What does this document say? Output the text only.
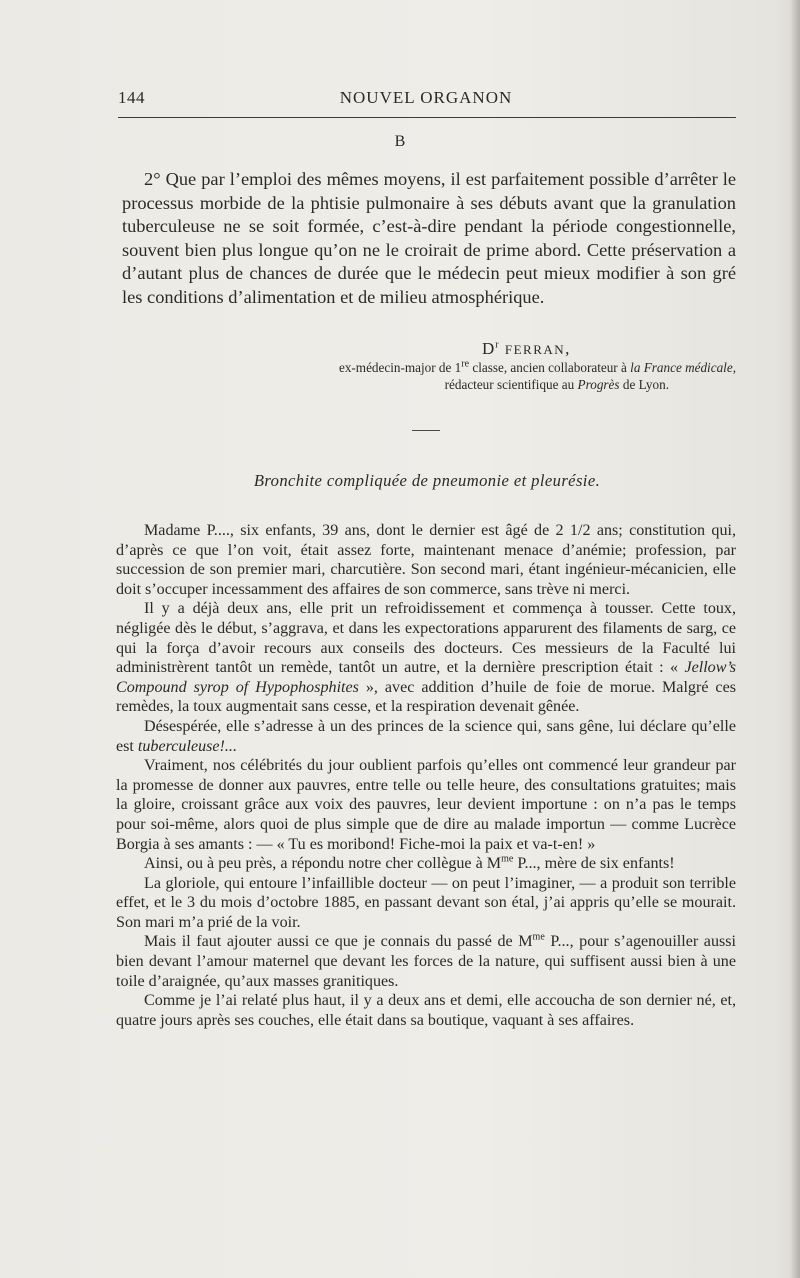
144	NOUVEL ORGANON
B

2° Que par l’emploi des mêmes moyens, il est parfaitement possible d’arrêter le processus morbide de la phtisie pulmonaire à ses débuts avant que la granulation tuberculeuse ne se soit formée, c’est-à-dire pendant la période congestionnelle, souvent bien plus longue qu’on ne le croirait de prime abord. Cette préservation a d’autant plus de chances de durée que le médecin peut mieux modifier à son gré les conditions d’alimentation et de milieu atmosphérique.

$D^r$ FERRAN,
ex-médecin-major de 1re classe, ancien collaborateur à la France médicale,
rédacteur scientifique au Progrès de Lyon.
Bronchite compliquée de pneumonie et pleurésie.

Madame P...., six enfants, 39 ans, dont le dernier est âgé de 2 1/2 ans; constitution qui, d’après ce que l’on voit, était assez forte, maintenant menace d’anémie; profession, par succession de son premier mari, charcutière. Son second mari, étant ingénieur-mécanicien, elle doit s’occuper incessamment des affaires de son commerce, sans trève ni merci.

Il y a déjà deux ans, elle prit un refroidissement et commença à tousser. Cette toux, négligée dès le début, s’aggrava, et dans les expectorations apparurent des filaments de sarg, ce qui la força d’avoir recours aux conseils des docteurs. Ces messieurs de la Faculté lui administrèrent tantôt un remède, tantôt un autre, et la dernière prescription était : « Jellow’s Compound syrop of Hypophosphites », avec addition d’huile de foie de morue. Malgré ces remèdes, la toux augmentait sans cesse, et la respiration devenait gênée.

Désespérée, elle s’adresse à un des princes de la science qui, sans gêne, lui déclare qu’elle est tuberculeuse!...

Vraiment, nos célébrités du jour oublient parfois qu’elles ont commencé leur grandeur par la promesse de donner aux pauvres, entre telle ou telle heure, des consultations gratuites; mais la gloire, croissant grâce aux voix des pauvres, leur devient importune : on n’a pas le temps pour soi-même, alors quoi de plus simple que de dire au malade importun — comme Lucrèce Borgia à ses amants : — « Tu es moribond! Fiche-moi la paix et va-t-en! »

Ainsi, ou à peu près, a répondu notre cher collègue à $M^{me}$ P..., mère de six enfants!

La gloriole, qui entoure l’infaillible docteur — on peut l’imaginer, — a produit son terrible effet, et le 3 du mois d’octobre 1885, en passant devant son étal, j’ai appris qu’elle se mourait. Son mari m’a prié de la voir.

Mais il faut ajouter aussi ce que je connais du passé de $M^{me}$ P..., pour s’agenouiller aussi bien devant l’amour maternel que devant les forces de la nature, qui suffisent aussi bien à une toile d’araignée, qu’aux masses granitiques.

Comme je l’ai relaté plus haut, il y a deux ans et demi, elle accoucha de son dernier né, et, quatre jours après ses couches, elle était dans sa boutique, vaquant à ses affaires.
